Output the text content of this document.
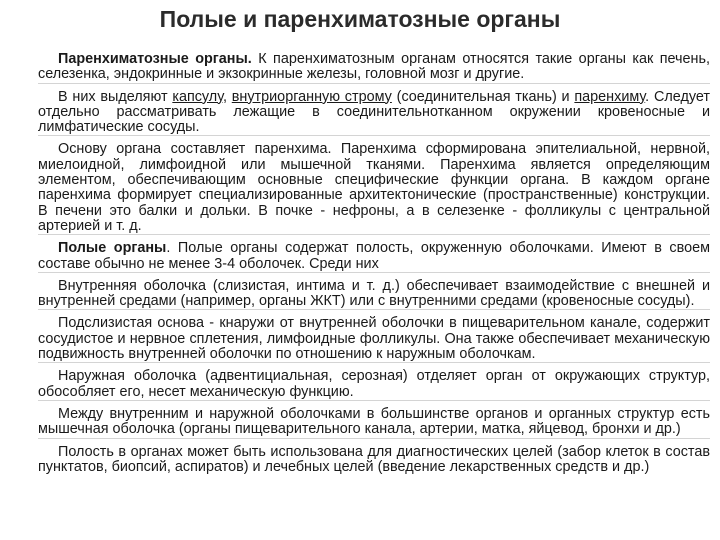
Полые и паренхиматозные органы
Паренхиматозные органы. К паренхиматозным органам относятся такие органы как печень, селезенка, эндокринные и экзокринные железы, головной мозг и другие.
В них выделяют капсулу, внутриорганную строму (соединительная ткань) и паренхиму. Следует отдельно рассматривать лежащие в соединительнотканном окружении кровеносные и лимфатические сосуды.
Основу органа составляет паренхима. Паренхима сформирована эпителиальной, нервной, миелоидной, лимфоидной или мышечной тканями. Паренхима является определяющим элементом, обеспечивающим основные специфические функции органа. В каждом органе паренхима формирует специализированные архитектонические (пространственные) конструкции. В печени это балки и дольки. В почке - нефроны, а в селезенке - фолликулы с центральной артерией и т. д.
Полые органы. Полые органы содержат полость, окруженную оболочками. Имеют в своем составе обычно не менее 3-4 оболочек. Среди них
Внутренняя оболочка (слизистая, интима и т. д.) обеспечивает взаимодействие с внешней и внутренней средами (например, органы ЖКТ) или с внутренними средами (кровеносные сосуды).
Подслизистая основа - кнаружи от внутренней оболочки в пищеварительном канале, содержит сосудистое и нервное сплетения, лимфоидные фолликулы. Она также обеспечивает механическую подвижность внутренней оболочки по отношению к наружным оболочкам.
Наружная оболочка (адвентициальная, серозная) отделяет орган от окружающих структур, обособляет его, несет механическую функцию.
Между внутренним и наружной оболочками в большинстве органов и органных структур есть мышечная оболочка (органы пищеварительного канала, артерии, матка, яйцевод, бронхи и др.)
Полость в органах может быть использована для диагностических целей (забор клеток в состав пунктатов, биопсий, аспиратов) и лечебных целей (введение лекарственных средств и др.)
